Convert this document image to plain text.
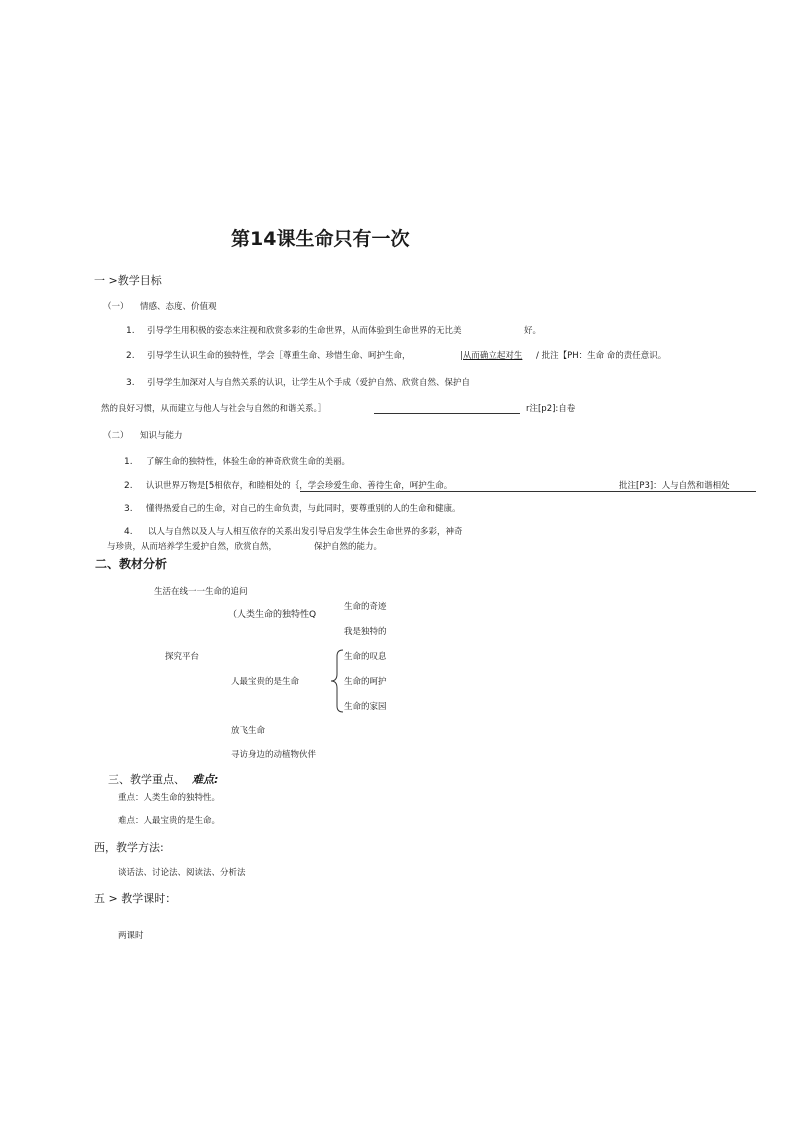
第14课生命只有一次
一 >教学目标
（一） 情感、态度、价值观
1. 引导学生用积极的姿态来注视和欣赏多彩的生命世界，从而体验到生命世界的无比美	好。
2. 引导学生认识生命的独特性，学会［尊重生命、珍惜生命、呵护生命，	|从而确立起对生 / 批注【PH：生命 命的责任意识。
3. 引导学生加深对人与自然关系的认识，让学生从个手成（爱护自然、欣赏自然、保护自
然的良好习惯，从而建立与他人与社会与自然的和谐关系。］	r注[p2]:自卷
（二） 知识与能力
1. 了解生命的独特性，体验生命的神奇欣赏生命的美丽。
2. 认识世界万物是[5相依存，和睦相处的｛，学会珍爱生命、善待生命，呵护生命。	批注[P3]：人与自然和谐相处
3. 懂得热爱自己的生命，对自己的生命负责，与此同时，要尊重别的人的生命和健康。
4. 以人与自然以及人与人相互依存的关系出发引导启发学生体会生命世界的多彩，神奇
与珍贵，从而培养学生爱护自然，欣赏自然，	保护自然的能力。
二、教材分析
生活在线一一生命的追问
（人类生命的独特性Q
生命的奇迹
我是独特的
探究平台	生命的叹息
人最宝贵的是生命	生命的呵护
生命的家园
放飞生命
寻访身边的动植物伙伴
三、教学重点、 难点:
重点：人类生命的独特性。
难点：人最宝贵的是生命。
西，教学方法:
谈话法、讨论法、阅读法、分析法
五 > 教学课时：
两课时
